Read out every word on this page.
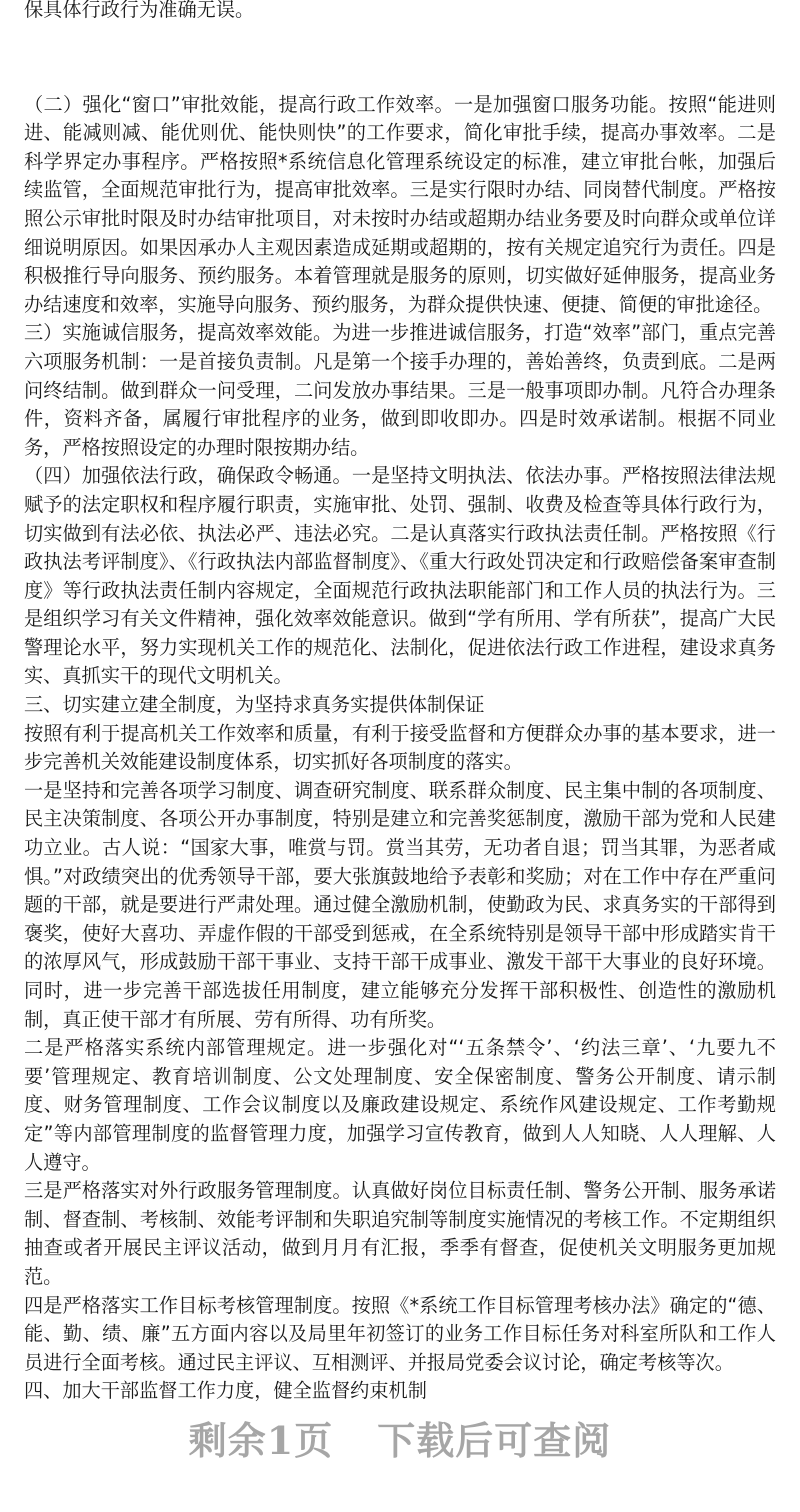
保具体行政行为准确无误。

（二）强化“窗口”审批效能，提高行政工作效率。一是加强窗口服务功能。按照“能进则进、能减则减、能优则优、能快则快”的工作要求，简化审批手续，提高办事效率。二是科学界定办事程序。严格按照*系统信息化管理系统设定的标准，建立审批台帐，加强后续监管，全面规范审批行为，提高审批效率。三是实行限时办结、同岗替代制度。严格按照公示审批时限及时办结审批项目，对未按时办结或超期办结业务要及时向群众或单位详细说明原因。如果因承办人主观因素造成延期或超期的，按有关规定追究行为责任。四是积极推行导向服务、预约服务。本着管理就是服务的原则，切实做好延伸服务，提高业务办结速度和效率，实施导向服务、预约服务，为群众提供快速、便捷、简便的审批途径。

三）实施诚信服务，提高效率效能。为进一步推进诚信服务，打造“效率”部门，重点完善六项服务机制：一是首接负责制。凡是第一个接手办理的，善始善终，负责到底。二是两问终结制。做到群众一问受理，二问发放办事结果。三是一般事项即办制。凡符合办理条件，资料齐备，属履行审批程序的业务，做到即收即办。四是时效承诺制。根据不同业务，严格按照设定的办理时限按期办结。

（四）加强依法行政，确保政令畅通。一是坚持文明执法、依法办事。严格按照法律法规赋予的法定职权和程序履行职责，实施审批、处罚、强制、收费及检查等具体行政行为，切实做到有法必依、执法必严、违法必究。二是认真落实行政执法责任制。严格按照《行政执法考评制度》、《行政执法内部监督制度》、《重大行政处罚决定和行政赔偿备案审查制度》等行政执法责任制内容规定，全面规范行政执法职能部门和工作人员的执法行为。三是组织学习有关文件精神，强化效率效能意识。做到“学有所用、学有所获”，提高广大民警理论水平，努力实现机关工作的规范化、法制化，促进依法行政工作进程，建设求真务实、真抓实干的现代文明机关。

三、切实建立建全制度，为坚持求真务实提供体制保证

按照有利于提高机关工作效率和质量，有利于接受监督和方便群众办事的基本要求，进一步完善机关效能建设制度体系，切实抓好各项制度的落实。

一是坚持和完善各项学习制度、调查研究制度、联系群众制度、民主集中制的各项制度、民主决策制度、各项公开办事制度，特别是建立和完善奖惩制度，激励干部为党和人民建功立业。古人说：“国家大事，唯赏与罚。赏当其劳，无功者自退；罚当其罪，为恶者咸惧。”对政绩突出的优秀领导干部，要大张旗鼓地给予表彰和奖励；对在工作中存在严重问题的干部，就是要进行严肃处理。通过健全激励机制，使勤政为民、求真务实的干部得到褒奖，使好大喜功、弄虚作假的干部受到惩戒，在全系统特别是领导干部中形成踏实肯干的浓厚风气，形成鼓励干部干事业、支持干部干成事业、激发干部干大事业的良好环境。同时，进一步完善干部选拔任用制度，建立能够充分发挥干部积极性、创造性的激励机制，真正使干部才有所展、劳有所得、功有所奖。

二是严格落实系统内部管理规定。进一步强化对“‘五条禁令’、‘约法三章’、‘九要九不要’管理规定、教育培训制度、公文处理制度、安全保密制度、警务公开制度、请示制度、财务管理制度、工作会议制度以及廉政建设规定、系统作风建设规定、工作考勤规定”等内部管理制度的监督管理力度，加强学习宣传教育，做到人人知晓、人人理解、人人遵守。

三是严格落实对外行政服务管理制度。认真做好岗位目标责任制、警务公开制、服务承诺制、督查制、考核制、效能考评制和失职追究制等制度实施情况的考核工作。不定期组织抽查或者开展民主评议活动，做到月月有汇报，季季有督查，促使机关文明服务更加规范。

四是严格落实工作目标考核管理制度。按照《*系统工作目标管理考核办法》确定的“德、能、勤、绩、廉”五方面内容以及局里年初签订的业务工作目标任务对科室所队和工作人员进行全面考核。通过民主评议、互相测评、并报局党委会议讨论，确定考核等次。

四、加大干部监督工作力度，健全监督约束机制

剩余1页 下载后可查阅
